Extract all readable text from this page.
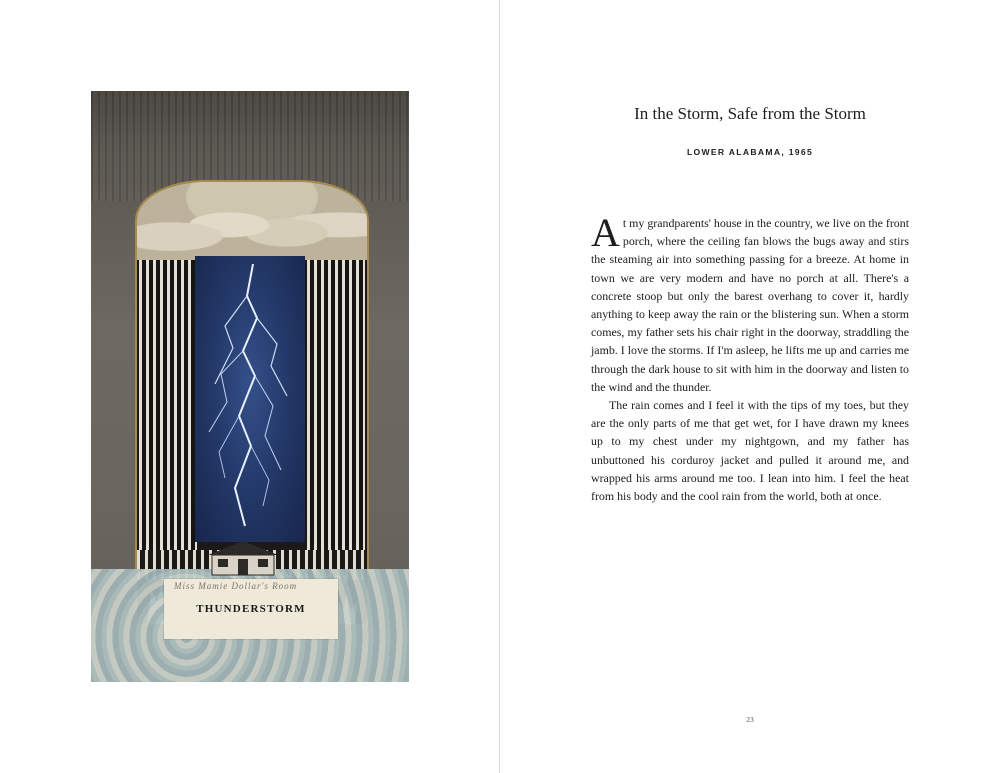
Miss Mamie Dollar's Room
THUNDERSTORM
In the Storm, Safe from the Storm
LOWER ALABAMA, 1965

At my grandparents' house in the country, we live on the front porch, where the ceiling fan blows the bugs away and stirs the steaming air into something passing for a breeze. At home in town we are very modern and have no porch at all. There's a concrete stoop but only the barest overhang to cover it, hardly anything to keep away the rain or the blistering sun. When a storm comes, my father sets his chair right in the doorway, straddling the jamb. I love the storms. If I'm asleep, he lifts me up and carries me through the dark house to sit with him in the doorway and listen to the wind and the thunder.

The rain comes and I feel it with the tips of my toes, but they are the only parts of me that get wet, for I have drawn my knees up to my chest under my nightgown, and my father has unbuttoned his corduroy jacket and pulled it around me, and wrapped his arms around me too. I lean into him. I feel the heat from his body and the cool rain from the world, both at once.

23
